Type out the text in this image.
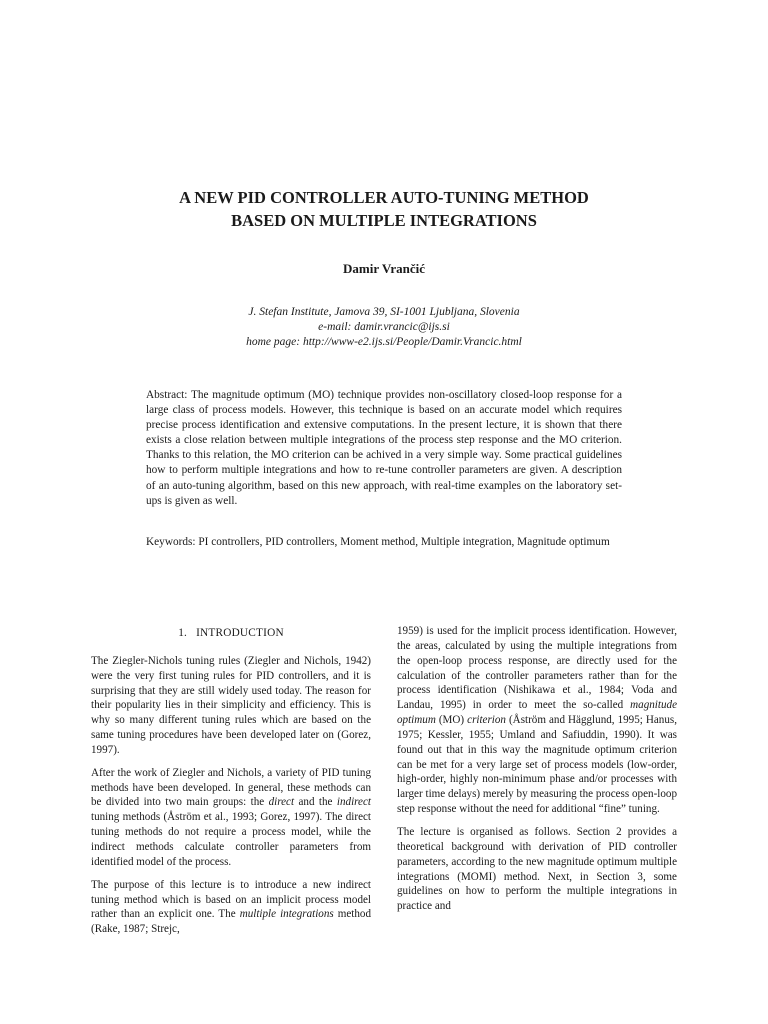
A NEW PID CONTROLLER AUTO-TUNING METHOD
BASED ON MULTIPLE INTEGRATIONS
Damir Vrančić
J. Stefan Institute, Jamova 39, SI-1001 Ljubljana, Slovenia
e-mail: damir.vrancic@ijs.si
home page: http://www-e2.ijs.si/People/Damir.Vrancic.html
Abstract: The magnitude optimum (MO) technique provides non-oscillatory closed-loop response for a large class of process models. However, this technique is based on an accurate model which requires precise process identification and extensive computations. In the present lecture, it is shown that there exists a close relation between multiple integrations of the process step response and the MO criterion. Thanks to this relation, the MO criterion can be achived in a very simple way. Some practical guidelines how to perform multiple integrations and how to re-tune controller parameters are given. A description of an auto-tuning algorithm, based on this new approach, with real-time examples on the laboratory set-ups is given as well.
Keywords: PI controllers, PID controllers, Moment method, Multiple integration, Magnitude optimum
1. INTRODUCTION

The Ziegler-Nichols tuning rules (Ziegler and Nichols, 1942) were the very first tuning rules for PID controllers, and it is surprising that they are still widely used today. The reason for their popularity lies in their simplicity and efficiency. This is why so many different tuning rules which are based on the same tuning procedures have been developed later on (Gorez, 1997).

After the work of Ziegler and Nichols, a variety of PID tuning methods have been developed. In general, these methods can be divided into two main groups: the direct and the indirect tuning methods (Åström et al., 1993; Gorez, 1997). The direct tuning methods do not require a process model, while the indirect methods calculate controller parameters from identified model of the process.

The purpose of this lecture is to introduce a new indirect tuning method which is based on an implicit process model rather than an explicit one. The multiple integrations method (Rake, 1987; Strejc,

1959) is used for the implicit process identification. However, the areas, calculated by using the multiple integrations from the open-loop process response, are directly used for the calculation of the controller parameters rather than for the process identification (Nishikawa et al., 1984; Voda and Landau, 1995) in order to meet the so-called magnitude optimum (MO) criterion (Åström and Hägglund, 1995; Hanus, 1975; Kessler, 1955; Umland and Safiuddin, 1990). It was found out that in this way the magnitude optimum criterion can be met for a very large set of process models (low-order, high-order, highly non-minimum phase and/or processes with larger time delays) merely by measuring the process open-loop step response without the need for additional “fine” tuning.

The lecture is organised as follows. Section 2 provides a theoretical background with derivation of PID controller parameters, according to the new magnitude optimum multiple integrations (MOMI) method. Next, in Section 3, some guidelines on how to perform the multiple integrations in practice and
